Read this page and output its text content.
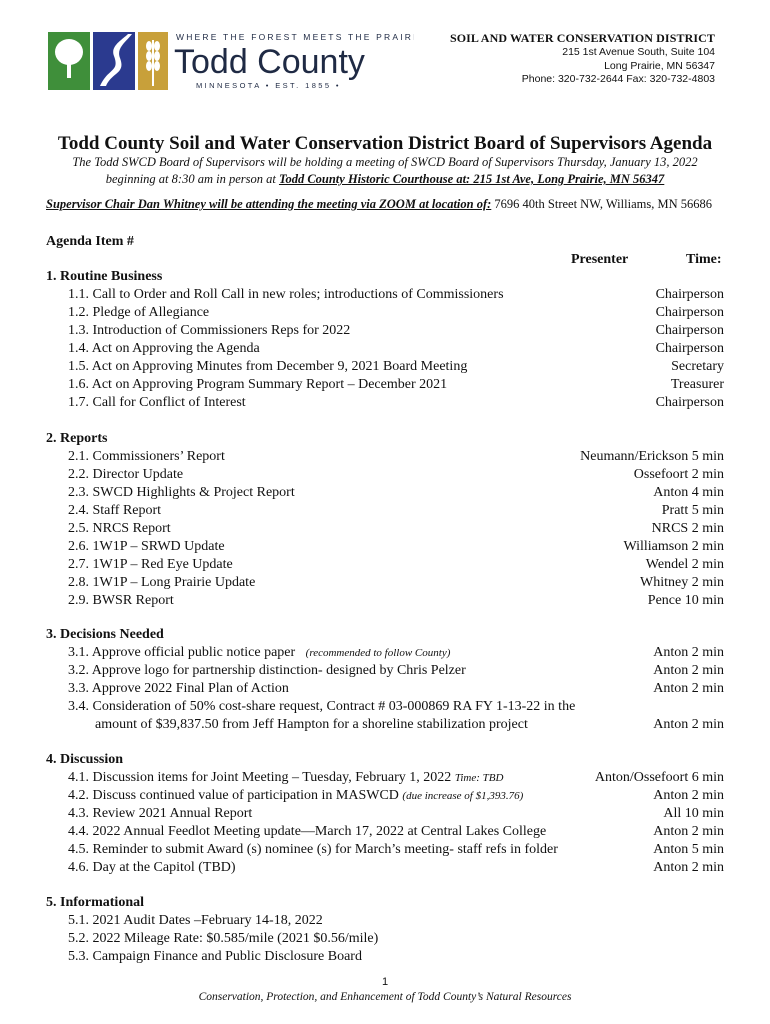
WHERE THE FOREST MEETS THE PRAIRIE
Todd County
MINNESOTA • EST. 1855 •
SOIL AND WATER CONSERVATION DISTRICT
215 1st Avenue South, Suite 104
Long Prairie, MN 56347
Phone: 320-732-2644 Fax: 320-732-4803
Todd County Soil and Water Conservation District Board of Supervisors Agenda
The Todd SWCD Board of Supervisors will be holding a meeting of SWCD Board of Supervisors Thursday, January 13, 2022
beginning at 8:30 am in person at Todd County Historic Courthouse at: 215 1st Ave, Long Prairie, MN 56347
Supervisor Chair Dan Whitney will be attending the meeting via ZOOM at location of: 7696 40th Street NW, Williams, MN 56686
Agenda Item #
Presenter	Time:
1. Routine Business
1.1. Call to Order and Roll Call in new roles; introductions of Commissioners	Chairperson
1.2. Pledge of Allegiance	Chairperson
1.3. Introduction of Commissioners Reps for 2022	Chairperson
1.4. Act on Approving the Agenda	Chairperson
1.5. Act on Approving Minutes from December 9, 2021 Board Meeting	Secretary
1.6. Act on Approving Program Summary Report – December 2021	Treasurer
1.7. Call for Conflict of Interest	Chairperson
2. Reports
2.1. Commissioners’ Report	Neumann/Erickson 5 min
2.2. Director Update	Ossefoort 2 min
2.3. SWCD Highlights & Project Report	Anton 4 min
2.4. Staff Report	Pratt 5 min
2.5. NRCS Report	NRCS 2 min
2.6. 1W1P – SRWD Update	Williamson 2 min
2.7. 1W1P – Red Eye Update	Wendel 2 min
2.8. 1W1P – Long Prairie Update	Whitney 2 min
2.9. BWSR Report	Pence 10 min
3. Decisions Needed
3.1. Approve official public notice paper (recommended to follow County)	Anton 2 min
3.2. Approve logo for partnership distinction- designed by Chris Pelzer	Anton 2 min
3.3. Approve 2022 Final Plan of Action	Anton 2 min
3.4. Consideration of 50% cost-share request, Contract # 03-000869 RA FY 1-13-22 in the
amount of $39,837.50 from Jeff Hampton for a shoreline stabilization project	Anton 2 min
4. Discussion
4.1. Discussion items for Joint Meeting – Tuesday, February 1, 2022 Time: TBD	Anton/Ossefoort 6 min
4.2. Discuss continued value of participation in MASWCD (due increase of $1,393.76)	Anton 2 min
4.3. Review 2021 Annual Report	All 10 min
4.4. 2022 Annual Feedlot Meeting update—March 17, 2022 at Central Lakes College	Anton 2 min
4.5. Reminder to submit Award (s) nominee (s) for March’s meeting- staff refs in folder	Anton 5 min
4.6. Day at the Capitol (TBD)	Anton 2 min
5. Informational
5.1. 2021 Audit Dates –February 14-18, 2022
5.2. 2022 Mileage Rate: $0.585/mile (2021 $0.56/mile)
5.3. Campaign Finance and Public Disclosure Board
1
Conservation, Protection, and Enhancement of Todd County’s Natural Resources
